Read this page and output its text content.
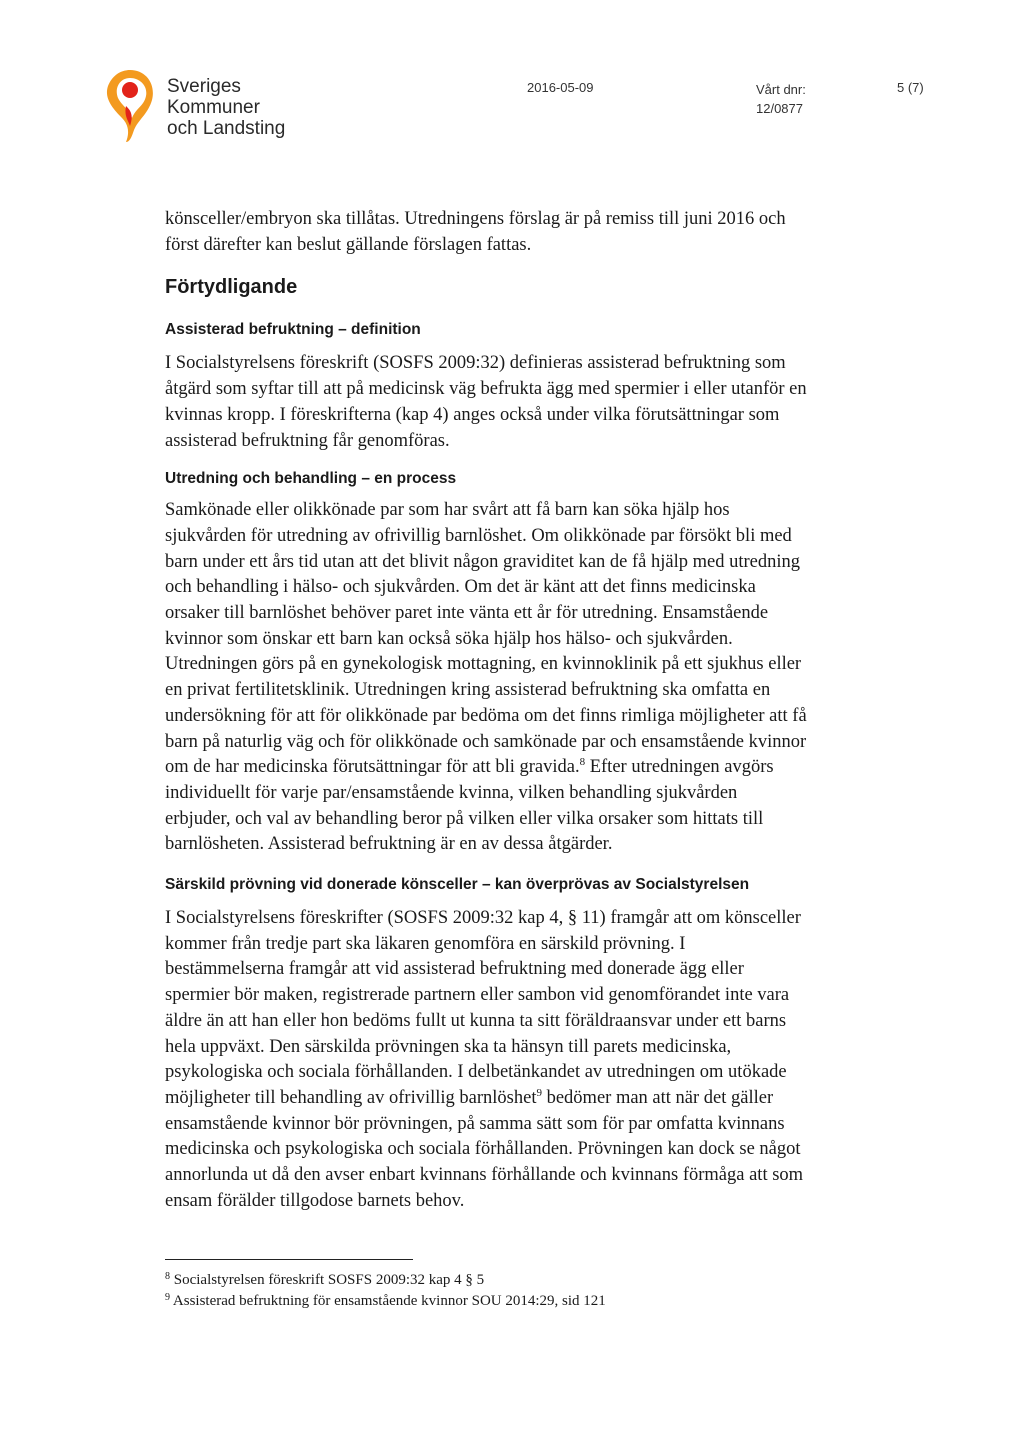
Sveriges
Kommuner
och Landsting
2016-05-09	Vårt dnr:
12/0877
5 (7)
könsceller/embryon ska tillåtas. Utredningens förslag är på remiss till juni 2016 och
först därefter kan beslut gällande förslagen fattas.
Förtydligande
Assisterad befruktning – definition
I Socialstyrelsens föreskrift (SOSFS 2009:32) definieras assisterad befruktning som
åtgärd som syftar till att på medicinsk väg befrukta ägg med spermier i eller utanför en
kvinnas kropp. I föreskrifterna (kap 4) anges också under vilka förutsättningar som
assisterad befruktning får genomföras.
Utredning och behandling – en process
Samkönade eller olikkönade par som har svårt att få barn kan söka hjälp hos
sjukvården för utredning av ofrivillig barnlöshet. Om olikkönade par försökt bli med
barn under ett års tid utan att det blivit någon graviditet kan de få hjälp med utredning
och behandling i hälso- och sjukvården. Om det är känt att det finns medicinska
orsaker till barnlöshet behöver paret inte vänta ett år för utredning. Ensamstående
kvinnor som önskar ett barn kan också söka hjälp hos hälso- och sjukvården.
Utredningen görs på en gynekologisk mottagning, en kvinnoklinik på ett sjukhus eller
en privat fertilitetsklinik. Utredningen kring assisterad befruktning ska omfatta en
undersökning för att för olikkönade par bedöma om det finns rimliga möjligheter att få
barn på naturlig väg och för olikkönade och samkönade par och ensamstående kvinnor
om de har medicinska förutsättningar för att bli gravida.$^8$ Efter utredningen avgörs
individuellt för varje par/ensamstående kvinna, vilken behandling sjukvården
erbjuder, och val av behandling beror på vilken eller vilka orsaker som hittats till
barnlösheten. Assisterad befruktning är en av dessa åtgärder.
Särskild prövning vid donerade könsceller – kan överprövas av Socialstyrelsen
I Socialstyrelsens föreskrifter (SOSFS 2009:32 kap 4, § 11) framgår att om könsceller
kommer från tredje part ska läkaren genomföra en särskild prövning. I
bestämmelserna framgår att vid assisterad befruktning med donerade ägg eller
spermier bör maken, registrerade partnern eller sambon vid genomförandet inte vara
äldre än att han eller hon bedöms fullt ut kunna ta sitt föräldraansvar under ett barns
hela uppväxt. Den särskilda prövningen ska ta hänsyn till parets medicinska,
psykologiska och sociala förhållanden. I delbetänkandet av utredningen om utökade
möjligheter till behandling av ofrivillig barnlöshet$^9$ bedömer man att när det gäller
ensamstående kvinnor bör prövningen, på samma sätt som för par omfatta kvinnans
medicinska och psykologiska och sociala förhållanden. Prövningen kan dock se något
annorlunda ut då den avser enbart kvinnans förhållande och kvinnans förmåga att som
ensam förälder tillgodose barnets behov.
$^8$ Socialstyrelsen föreskrift SOSFS 2009:32 kap 4 § 5
$^9$ Assisterad befruktning för ensamstående kvinnor SOU 2014:29, sid 121
